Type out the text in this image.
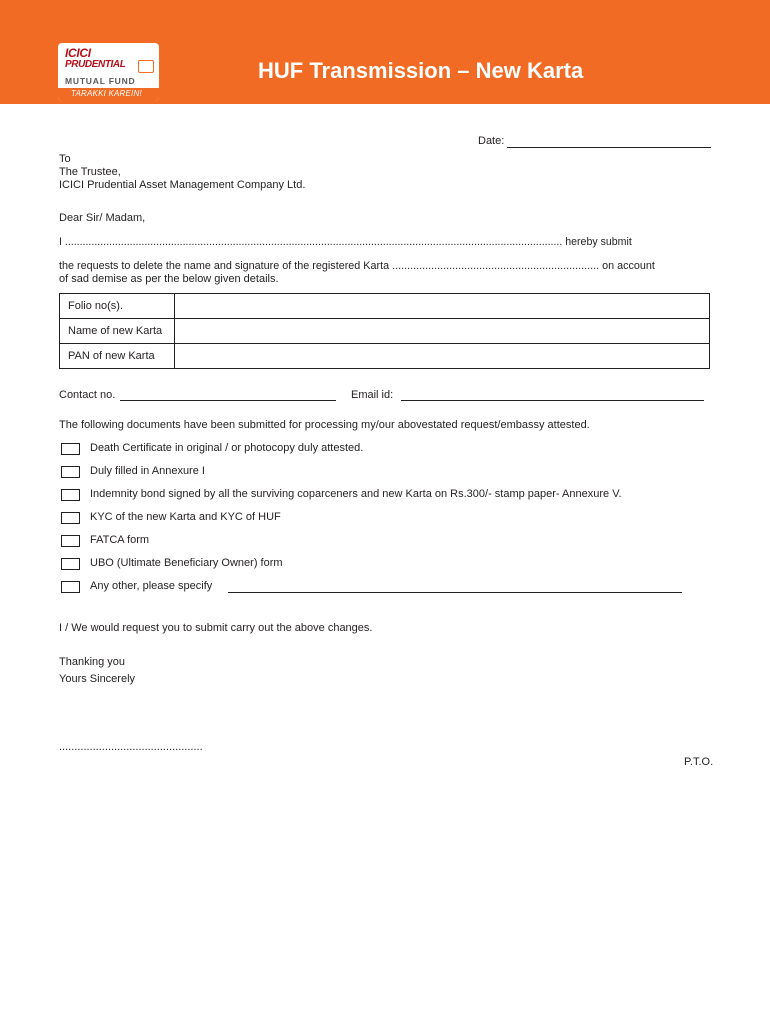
ICICI
PRUDENTIAL
MUTUAL FUND
TARAKKI KAREIN!
HUF Transmission – New Karta
Date:
To
The Trustee,
ICICI Prudential Asset Management Company Ltd.
Dear Sir/ Madam,
I ......................................................................................................................................................................... hereby submit
the requests to delete the name and signature of the registered Karta ..................................................................... on account
of sad demise as per the below given details.
Folio no(s).	
Name of new Karta	
PAN of new Karta	
Contact no.	Email id:
The following documents have been submitted for processing my/our abovestated request/embassy attested.
Death Certificate in original / or photocopy duly attested.
Duly filled in Annexure I
Indemnity bond signed by all the surviving coparceners and new Karta on Rs.300/- stamp paper- Annexure V.
KYC of the new Karta and KYC of HUF
FATCA form
UBO (Ultimate Beneficiary Owner) form
Any other, please specify
I / We would request you to submit carry out the above changes.
Thanking you
Yours Sincerely
...............................................
P.T.O.
